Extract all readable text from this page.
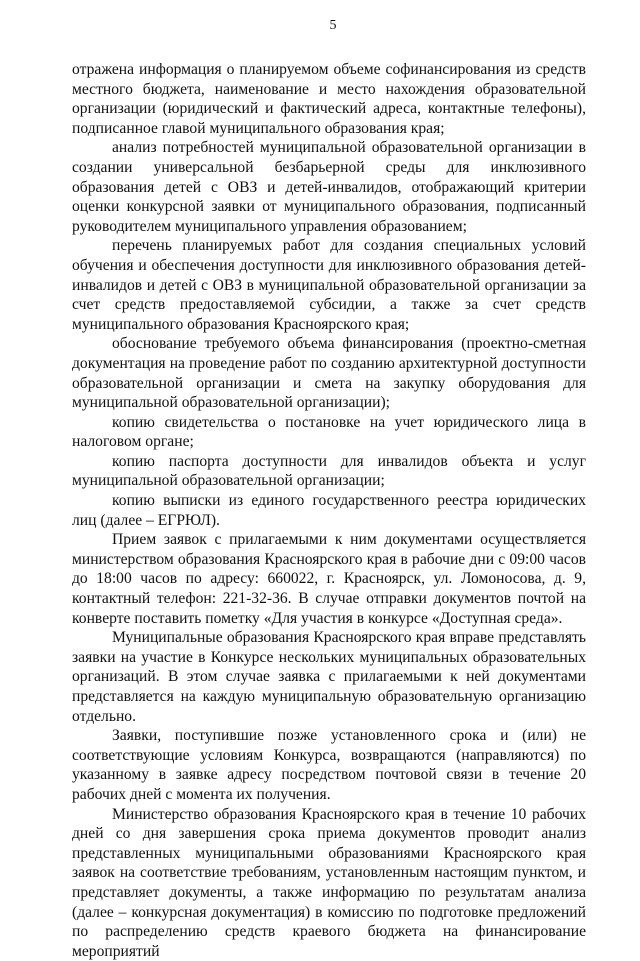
5

отражена информация о планируемом объеме софинансирования из средств местного бюджета, наименование и место нахождения образовательной организации (юридический и фактический адреса, контактные телефоны), подписанное главой муниципального образования края;

анализ потребностей муниципальной образовательной организации в создании универсальной безбарьерной среды для инклюзивного образования детей с ОВЗ и детей-инвалидов, отображающий критерии оценки конкурсной заявки от муниципального образования, подписанный руководителем муниципального управления образованием;

перечень планируемых работ для создания специальных условий обучения и обеспечения доступности для инклюзивного образования детей-инвалидов и детей с ОВЗ в муниципальной образовательной организации за счет средств предоставляемой субсидии, а также за счет средств муниципального образования Красноярского края;

обоснование требуемого объема финансирования (проектно-сметная документация на проведение работ по созданию архитектурной доступности образовательной организации и смета на закупку оборудования для муниципальной образовательной организации);

копию свидетельства о постановке на учет юридического лица в налоговом органе;

копию паспорта доступности для инвалидов объекта и услуг муниципальной образовательной организации;

копию выписки из единого государственного реестра юридических лиц (далее – ЕГРЮЛ).

Прием заявок с прилагаемыми к ним документами осуществляется министерством образования Красноярского края в рабочие дни с 09:00 часов до 18:00 часов по адресу: 660022, г. Красноярск, ул. Ломоносова, д. 9, контактный телефон: 221-32-36. В случае отправки документов почтой на конверте поставить пометку «Для участия в конкурсе «Доступная среда».

Муниципальные образования Красноярского края вправе представлять заявки на участие в Конкурсе нескольких муниципальных образовательных организаций. В этом случае заявка с прилагаемыми к ней документами представляется на каждую муниципальную образовательную организацию отдельно.

Заявки, поступившие позже установленного срока и (или) не соответствующие условиям Конкурса, возвращаются (направляются) по указанному в заявке адресу посредством почтовой связи в течение 20 рабочих дней с момента их получения.

Министерство образования Красноярского края в течение 10 рабочих дней со дня завершения срока приема документов проводит анализ представленных муниципальными образованиями Красноярского края заявок на соответствие требованиям, установленным настоящим пунктом, и представляет документы, а также информацию по результатам анализа (далее – конкурсная документация) в комиссию по подготовке предложений по распределению средств краевого бюджета на финансирование мероприятий
